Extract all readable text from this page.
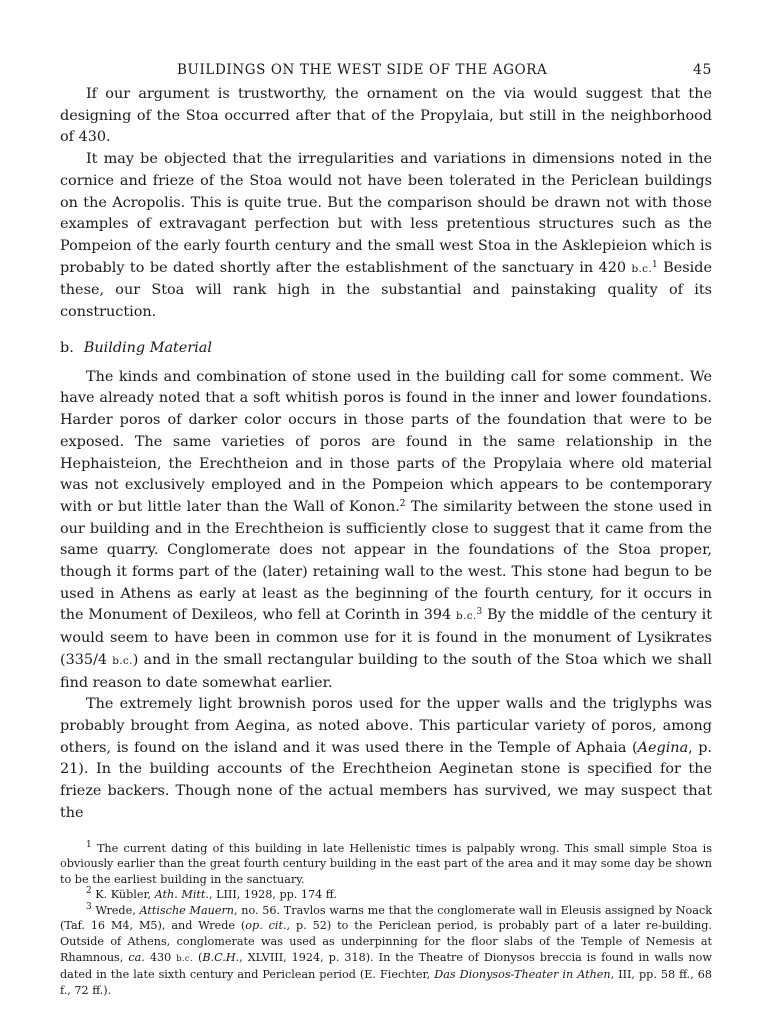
BUILDINGS ON THE WEST SIDE OF THE AGORA	45

If our argument is trustworthy, the ornament on the via would suggest that the designing of the Stoa occurred after that of the Propylaia, but still in the neighborhood of 430.

It may be objected that the irregularities and variations in dimensions noted in the cornice and frieze of the Stoa would not have been tolerated in the Periclean buildings on the Acropolis. This is quite true. But the comparison should be drawn not with those examples of extravagant perfection but with less pretentious structures such as the Pompeion of the early fourth century and the small west Stoa in the Asklepieion which is probably to be dated shortly after the establishment of the sanctuary in 420 b.c.$^1$ Beside these, our Stoa will rank high in the substantial and painstaking quality of its construction.

b. Building Material

The kinds and combination of stone used in the building call for some comment. We have already noted that a soft whitish poros is found in the inner and lower foundations. Harder poros of darker color occurs in those parts of the foundation that were to be exposed. The same varieties of poros are found in the same relationship in the Hephaisteion, the Erechtheion and in those parts of the Propylaia where old material was not exclusively employed and in the Pompeion which appears to be contemporary with or but little later than the Wall of Konon.$^2$ The similarity between the stone used in our building and in the Erechtheion is sufficiently close to suggest that it came from the same quarry. Conglomerate does not appear in the foundations of the Stoa proper, though it forms part of the (later) retaining wall to the west. This stone had begun to be used in Athens as early at least as the beginning of the fourth century, for it occurs in the Monument of Dexileos, who fell at Corinth in 394 b.c.$^3$ By the middle of the century it would seem to have been in common use for it is found in the monument of Lysikrates (335/4 b.c.) and in the small rectangular building to the south of the Stoa which we shall find reason to date somewhat earlier.

The extremely light brownish poros used for the upper walls and the triglyphs was probably brought from Aegina, as noted above. This particular variety of poros, among others, is found on the island and it was used there in the Temple of Aphaia (Aegina, p. 21). In the building accounts of the Erechtheion Aeginetan stone is specified for the frieze backers. Though none of the actual members has survived, we may suspect that the

$^1$ The current dating of this building in late Hellenistic times is palpably wrong. This small simple Stoa is obviously earlier than the great fourth century building in the east part of the area and it may some day be shown to be the earliest building in the sanctuary.

$^2$ K. Kübler, Ath. Mitt., LIII, 1928, pp. 174 ff.

$^3$ Wrede, Attische Mauern, no. 56. Travlos warns me that the conglomerate wall in Eleusis assigned by Noack (Taf. 16 M4, M5), and Wrede (op. cit., p. 52) to the Periclean period, is probably part of a later re-building. Outside of Athens, conglomerate was used as underpinning for the floor slabs of the Temple of Nemesis at Rhamnous, ca. 430 b.c. (B.C.H., XLVIII, 1924, p. 318). In the Theatre of Dionysos breccia is found in walls now dated in the late sixth century and Periclean period (E. Fiechter, Das Dionysos-Theater in Athen, III, pp. 58 ff., 68 f., 72 ff.).
